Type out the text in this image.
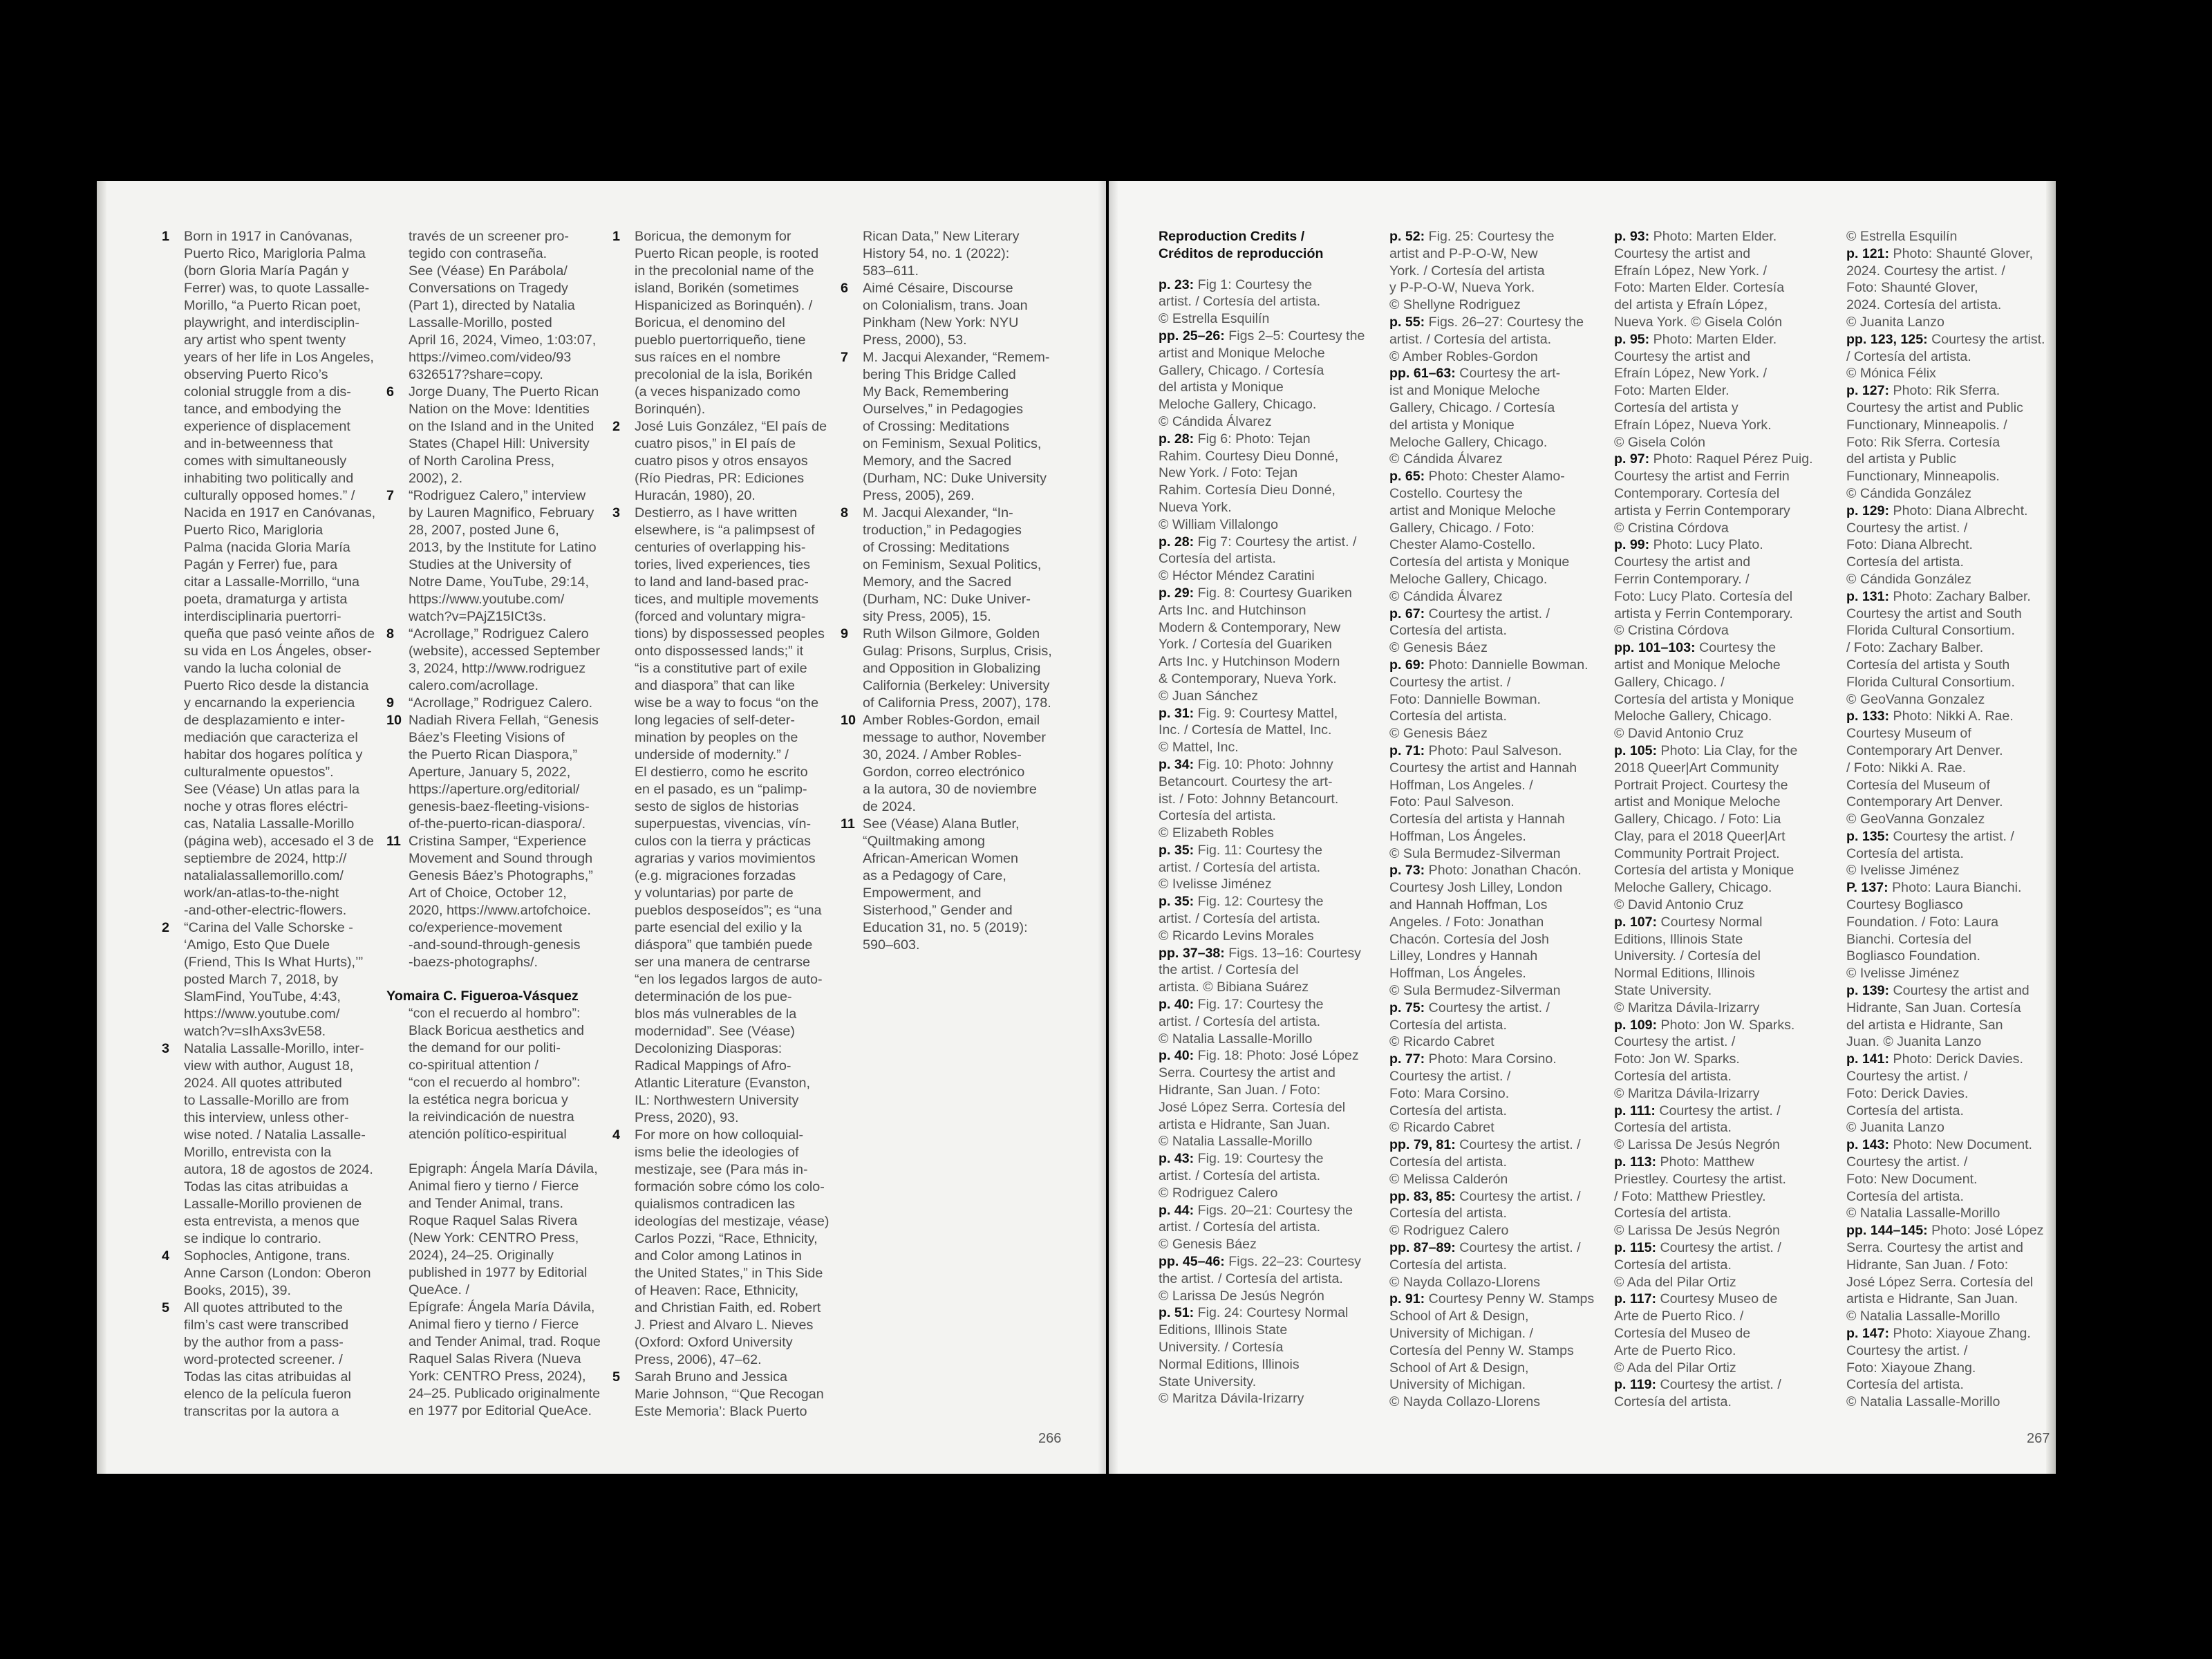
1 Born in 1917 in Canóvanas,
Puerto Rico, Marigloria Palma
(born Gloria María Pagán y
Ferrer) was, to quote Lassalle-
Morillo, “a Puerto Rican poet,
playwright, and interdisciplin-
ary artist who spent twenty
years of her life in Los Angeles,
observing Puerto Rico’s
colonial struggle from a dis-
tance, and embodying the
experience of displacement
and in-betweenness that
comes with simultaneously
inhabiting two politically and
culturally opposed homes.” /
Nacida en 1917 en Canóvanas,
Puerto Rico, Marigloria
Palma (nacida Gloria María
Pagán y Ferrer) fue, para
citar a Lassalle-Morrillo, “una
poeta, dramaturga y artista
interdisciplinaria puertorri-
queña que pasó veinte años de
su vida en Los Ángeles, obser-
vando la lucha colonial de
Puerto Rico desde la distancia
y encarnando la experiencia
de desplazamiento e inter-
mediación que caracteriza el
habitar dos hogares política y
culturalmente opuestos”.
See (Véase) Un atlas para la
noche y otras flores eléctri-
cas, Natalia Lassalle-Morillo
(página web), accesado el 3 de
septiembre de 2024, http://
natalialassallemorillo.com/
work/an-atlas-to-the-night
-and-other-electric-flowers.
2 “Carina del Valle Schorske -
‘Amigo, Esto Que Duele
(Friend, This Is What Hurts),’”
posted March 7, 2018, by
SlamFind, YouTube, 4:43,
https://www.youtube.com/
watch?v=sIhAxs3vE58.
3 Natalia Lassalle-Morillo, inter-
view with author, August 18,
2024. All quotes attributed
to Lassalle-Morillo are from
this interview, unless other-
wise noted. / Natalia Lassalle-
Morillo, entrevista con la
autora, 18 de agostos de 2024.
Todas las citas atribuidas a
Lassalle-Morillo provienen de
esta entrevista, a menos que
se indique lo contrario.
4 Sophocles, Antigone, trans.
Anne Carson (London: Oberon
Books, 2015), 39.
5 All quotes attributed to the
film’s cast were transcribed
by the author from a pass-
word-protected screener. /
Todas las citas atribuidas al
elenco de la película fueron
transcritas por la autora a
través de un screener pro-
tegido con contraseña.
See (Véase) En Parábola/
Conversations on Tragedy
(Part 1), directed by Natalia
Lassalle-Morillo, posted
April 16, 2024, Vimeo, 1:03:07,
https://vimeo.com/video/93
6326517?share=copy.
6 Jorge Duany, The Puerto Rican
Nation on the Move: Identities
on the Island and in the United
States (Chapel Hill: University
of North Carolina Press,
2002), 2.
7 “Rodriguez Calero,” interview
by Lauren Magnifico, February
28, 2007, posted June 6,
2013, by the Institute for Latino
Studies at the University of
Notre Dame, YouTube, 29:14,
https://www.youtube.com/
watch?v=PAjZ15ICt3s.
8 “Acrollage,” Rodriguez Calero
(website), accessed September
3, 2024, http://www.rodriguez
calero.com/acrollage.
9 “Acrollage,” Rodriguez Calero.
10 Nadiah Rivera Fellah, “Genesis
Báez’s Fleeting Visions of
the Puerto Rican Diaspora,”
Aperture, January 5, 2022,
https://aperture.org/editorial/
genesis-baez-fleeting-visions-
of-the-puerto-rican-diaspora/.
11 Cristina Samper, “Experience
Movement and Sound through
Genesis Báez’s Photographs,”
Art of Choice, October 12,
2020, https://www.artofchoice.
co/experience-movement
-and-sound-through-genesis
-baezs-photographs/.
Yomaira C. Figueroa-Vásquez
“con el recuerdo al hombro”:
Black Boricua aesthetics and
the demand for our politi-
co-spiritual attention /
“con el recuerdo al hombro”:
la estética negra boricua y
la reivindicación de nuestra
atención político-espiritual

Epigraph: Ángela María Dávila,
Animal fiero y tierno / Fierce
and Tender Animal, trans.
Roque Raquel Salas Rivera
(New York: CENTRO Press,
2024), 24–25. Originally
published in 1977 by Editorial
QueAce. /
Epígrafe: Ángela María Dávila,
Animal fiero y tierno / Fierce
and Tender Animal, trad. Roque
Raquel Salas Rivera (Nueva
York: CENTRO Press, 2024),
24–25. Publicado originalmente
en 1977 por Editorial QueAce.
1 Boricua, the demonym for
Puerto Rican people, is rooted
in the precolonial name of the
island, Borikén (sometimes
Hispanicized as Borinquén). /
Boricua, el denomino del
pueblo puertorriqueño, tiene
sus raíces en el nombre
precolonial de la isla, Borikén
(a veces hispanizado como
Borinquén).
2 José Luis González, “El país de
cuatro pisos,” in El país de
cuatro pisos y otros ensayos
(Río Piedras, PR: Ediciones
Huracán, 1980), 20.
3 Destierro, as I have written
elsewhere, is “a palimpsest of
centuries of overlapping his-
tories, lived experiences, ties
to land and land-based prac-
tices, and multiple movements
(forced and voluntary migra-
tions) by dispossessed peoples
onto dispossessed lands;” it
“is a constitutive part of exile
and diaspora” that can like
wise be a way to focus “on the
long legacies of self-deter-
mination by peoples on the
underside of modernity.” /
El destierro, como he escrito
en el pasado, es un “palimp-
sesto de siglos de historias
superpuestas, vivencias, vín-
culos con la tierra y prácticas
agrarias y varios movimientos
(e.g. migraciones forzadas
y voluntarias) por parte de
pueblos desposeídos”; es “una
parte esencial del exilio y la
diáspora” que también puede
ser una manera de centrarse
“en los legados largos de auto-
determinación de los pue-
blos más vulnerables de la
modernidad”. See (Véase)
Decolonizing Diasporas:
Radical Mappings of Afro-
Atlantic Literature (Evanston,
IL: Northwestern University
Press, 2020), 93.
4 For more on how colloquial-
isms belie the ideologies of
mestizaje, see (Para más in-
formación sobre cómo los colo-
quialismos contradicen las
ideologías del mestizaje, véase)
Carlos Pozzi, “Race, Ethnicity,
and Color among Latinos in
the United States,” in This Side
of Heaven: Race, Ethnicity,
and Christian Faith, ed. Robert
J. Priest and Alvaro L. Nieves
(Oxford: Oxford University
Press, 2006), 47–62.
5 Sarah Bruno and Jessica
Marie Johnson, “‘Que Recogan
Este Memoria’: Black Puerto
Rican Data,” New Literary
History 54, no. 1 (2022):
583–611.
6 Aimé Césaire, Discourse
on Colonialism, trans. Joan
Pinkham (New York: NYU
Press, 2000), 53.
7 M. Jacqui Alexander, “Remem-
bering This Bridge Called
My Back, Remembering
Ourselves,” in Pedagogies
of Crossing: Meditations
on Feminism, Sexual Politics,
Memory, and the Sacred
(Durham, NC: Duke University
Press, 2005), 269.
8 M. Jacqui Alexander, “In-
troduction,” in Pedagogies
of Crossing: Meditations
on Feminism, Sexual Politics,
Memory, and the Sacred
(Durham, NC: Duke Univer-
sity Press, 2005), 15.
9 Ruth Wilson Gilmore, Golden
Gulag: Prisons, Surplus, Crisis,
and Opposition in Globalizing
California (Berkeley: University
of California Press, 2007), 178.
10 Amber Robles-Gordon, email
message to author, November
30, 2024. / Amber Robles-
Gordon, correo electrónico
a la autora, 30 de noviembre
de 2024.
11 See (Véase) Alana Butler,
“Quiltmaking among
African-American Women
as a Pedagogy of Care,
Empowerment, and
Sisterhood,” Gender and
Education 31, no. 5 (2019):
590–603.
266
Reproduction Credits /
Créditos de reproducción
p. 23: Fig 1: Courtesy the
artist. / Cortesía del artista.
© Estrella Esquilín
pp. 25–26: Figs 2–5: Courtesy the
artist and Monique Meloche
Gallery, Chicago. / Cortesía
del artista y Monique
Meloche Gallery, Chicago.
© Cándida Álvarez
p. 28: Fig 6: Photo: Tejan
Rahim. Courtesy Dieu Donné,
New York. / Foto: Tejan
Rahim. Cortesía Dieu Donné,
Nueva York.
© William Villalongo
p. 28: Fig 7: Courtesy the artist. /
Cortesía del artista.
© Héctor Méndez Caratini
p. 29: Fig. 8: Courtesy Guariken
Arts Inc. and Hutchinson
Modern & Contemporary, New
York. / Cortesía del Guariken
Arts Inc. y Hutchinson Modern
& Contemporary, Nueva York.
© Juan Sánchez
p. 31: Fig. 9: Courtesy Mattel,
Inc. / Cortesía de Mattel, Inc.
© Mattel, Inc.
p. 34: Fig. 10: Photo: Johnny
Betancourt. Courtesy the art-
ist. / Foto: Johnny Betancourt.
Cortesía del artista.
© Elizabeth Robles
p. 35: Fig. 11: Courtesy the
artist. / Cortesía del artista.
© Ivelisse Jiménez
p. 35: Fig. 12: Courtesy the
artist. / Cortesía del artista.
© Ricardo Levins Morales
pp. 37–38: Figs. 13–16: Courtesy
the artist. / Cortesía del
artista. © Bibiana Suárez
p. 40: Fig. 17: Courtesy the
artist. / Cortesía del artista.
© Natalia Lassalle-Morillo
p. 40: Fig. 18: Photo: José López
Serra. Courtesy the artist and
Hidrante, San Juan. / Foto:
José López Serra. Cortesía del
artista e Hidrante, San Juan.
© Natalia Lassalle-Morillo
p. 43: Fig. 19: Courtesy the
artist. / Cortesía del artista.
© Rodriguez Calero
p. 44: Figs. 20–21: Courtesy the
artist. / Cortesía del artista.
© Genesis Báez
pp. 45–46: Figs. 22–23: Courtesy
the artist. / Cortesía del artista.
© Larissa De Jesús Negrón
p. 51: Fig. 24: Courtesy Normal
Editions, Illinois State
University. / Cortesía
Normal Editions, Illinois
State University.
© Maritza Dávila-Irizarry
p. 52: Fig. 25: Courtesy the
artist and P-P-O-W, New
York. / Cortesía del artista
y P-P-O-W, Nueva York.
© Shellyne Rodriguez
p. 55: Figs. 26–27: Courtesy the
artist. / Cortesía del artista.
© Amber Robles-Gordon
pp. 61–63: Courtesy the art-
ist and Monique Meloche
Gallery, Chicago. / Cortesía
del artista y Monique
Meloche Gallery, Chicago.
© Cándida Álvarez
p. 65: Photo: Chester Alamo-
Costello. Courtesy the
artist and Monique Meloche
Gallery, Chicago. / Foto:
Chester Alamo-Costello.
Cortesía del artista y Monique
Meloche Gallery, Chicago.
© Cándida Álvarez
p. 67: Courtesy the artist. /
Cortesía del artista.
© Genesis Báez
p. 69: Photo: Dannielle Bowman.
Courtesy the artist. /
Foto: Dannielle Bowman.
Cortesía del artista.
© Genesis Báez
p. 71: Photo: Paul Salveson.
Courtesy the artist and Hannah
Hoffman, Los Angeles. /
Foto: Paul Salveson.
Cortesía del artista y Hannah
Hoffman, Los Ángeles.
© Sula Bermudez-Silverman
p. 73: Photo: Jonathan Chacón.
Courtesy Josh Lilley, London
and Hannah Hoffman, Los
Angeles. / Foto: Jonathan
Chacón. Cortesía del Josh
Lilley, Londres y Hannah
Hoffman, Los Ángeles.
© Sula Bermudez-Silverman
p. 75: Courtesy the artist. /
Cortesía del artista.
© Ricardo Cabret
p. 77: Photo: Mara Corsino.
Courtesy the artist. /
Foto: Mara Corsino.
Cortesía del artista.
© Ricardo Cabret
pp. 79, 81: Courtesy the artist. /
Cortesía del artista.
© Melissa Calderón
pp. 83, 85: Courtesy the artist. /
Cortesía del artista.
© Rodriguez Calero
pp. 87–89: Courtesy the artist. /
Cortesía del artista.
© Nayda Collazo-Llorens
p. 91: Courtesy Penny W. Stamps
School of Art & Design,
University of Michigan. /
Cortesía del Penny W. Stamps
School of Art & Design,
University of Michigan.
© Nayda Collazo-Llorens
p. 93: Photo: Marten Elder.
Courtesy the artist and
Efraín López, New York. /
Foto: Marten Elder. Cortesía
del artista y Efraín López,
Nueva York. © Gisela Colón
p. 95: Photo: Marten Elder.
Courtesy the artist and
Efraín López, New York. /
Foto: Marten Elder.
Cortesía del artista y
Efraín López, Nueva York.
© Gisela Colón
p. 97: Photo: Raquel Pérez Puig.
Courtesy the artist and Ferrin
Contemporary. Cortesía del
artista y Ferrin Contemporary
© Cristina Córdova
p. 99: Photo: Lucy Plato.
Courtesy the artist and
Ferrin Contemporary. /
Foto: Lucy Plato. Cortesía del
artista y Ferrin Contemporary.
© Cristina Córdova
pp. 101–103: Courtesy the
artist and Monique Meloche
Gallery, Chicago. /
Cortesía del artista y Monique
Meloche Gallery, Chicago.
© David Antonio Cruz
p. 105: Photo: Lia Clay, for the
2018 Queer|Art Community
Portrait Project. Courtesy the
artist and Monique Meloche
Gallery, Chicago. / Foto: Lia
Clay, para el 2018 Queer|Art
Community Portrait Project.
Cortesía del artista y Monique
Meloche Gallery, Chicago.
© David Antonio Cruz
p. 107: Courtesy Normal
Editions, Illinois State
University. / Cortesía del
Normal Editions, Illinois
State University.
© Maritza Dávila-Irizarry
p. 109: Photo: Jon W. Sparks.
Courtesy the artist. /
Foto: Jon W. Sparks.
Cortesía del artista.
© Maritza Dávila-Irizarry
p. 111: Courtesy the artist. /
Cortesía del artista.
© Larissa De Jesús Negrón
p. 113: Photo: Matthew
Priestley. Courtesy the artist.
/ Foto: Matthew Priestley.
Cortesía del artista.
© Larissa De Jesús Negrón
p. 115: Courtesy the artist. /
Cortesía del artista.
© Ada del Pilar Ortiz
p. 117: Courtesy Museo de
Arte de Puerto Rico. /
Cortesía del Museo de
Arte de Puerto Rico.
© Ada del Pilar Ortiz
p. 119: Courtesy the artist. /
Cortesía del artista.
© Estrella Esquilín
p. 121: Photo: Shaunté Glover,
2024. Courtesy the artist. /
Foto: Shaunté Glover,
2024. Cortesía del artista.
© Juanita Lanzo
pp. 123, 125: Courtesy the artist.
/ Cortesía del artista.
© Mónica Félix
p. 127: Photo: Rik Sferra.
Courtesy the artist and Public
Functionary, Minneapolis. /
Foto: Rik Sferra. Cortesía
del artista y Public
Functionary, Minneapolis.
© Cándida González
p. 129: Photo: Diana Albrecht.
Courtesy the artist. /
Foto: Diana Albrecht.
Cortesía del artista.
© Cándida González
p. 131: Photo: Zachary Balber.
Courtesy the artist and South
Florida Cultural Consortium.
/ Foto: Zachary Balber.
Cortesía del artista y South
Florida Cultural Consortium.
© GeoVanna Gonzalez
p. 133: Photo: Nikki A. Rae.
Courtesy Museum of
Contemporary Art Denver.
/ Foto: Nikki A. Rae.
Cortesía del Museum of
Contemporary Art Denver.
© GeoVanna Gonzalez
p. 135: Courtesy the artist. /
Cortesía del artista.
© Ivelisse Jiménez
P. 137: Photo: Laura Bianchi.
Courtesy Bogliasco
Foundation. / Foto: Laura
Bianchi. Cortesía del
Bogliasco Foundation.
© Ivelisse Jiménez
p. 139: Courtesy the artist and
Hidrante, San Juan. Cortesía
del artista e Hidrante, San
Juan. © Juanita Lanzo
p. 141: Photo: Derick Davies.
Courtesy the artist. /
Foto: Derick Davies.
Cortesía del artista.
© Juanita Lanzo
p. 143: Photo: New Document.
Courtesy the artist. /
Foto: New Document.
Cortesía del artista.
© Natalia Lassalle-Morillo
pp. 144–145: Photo: José López
Serra. Courtesy the artist and
Hidrante, San Juan. / Foto:
José López Serra. Cortesía del
artista e Hidrante, San Juan.
© Natalia Lassalle-Morillo
p. 147: Photo: Xiayoue Zhang.
Courtesy the artist. /
Foto: Xiayoue Zhang.
Cortesía del artista.
© Natalia Lassalle-Morillo
267
